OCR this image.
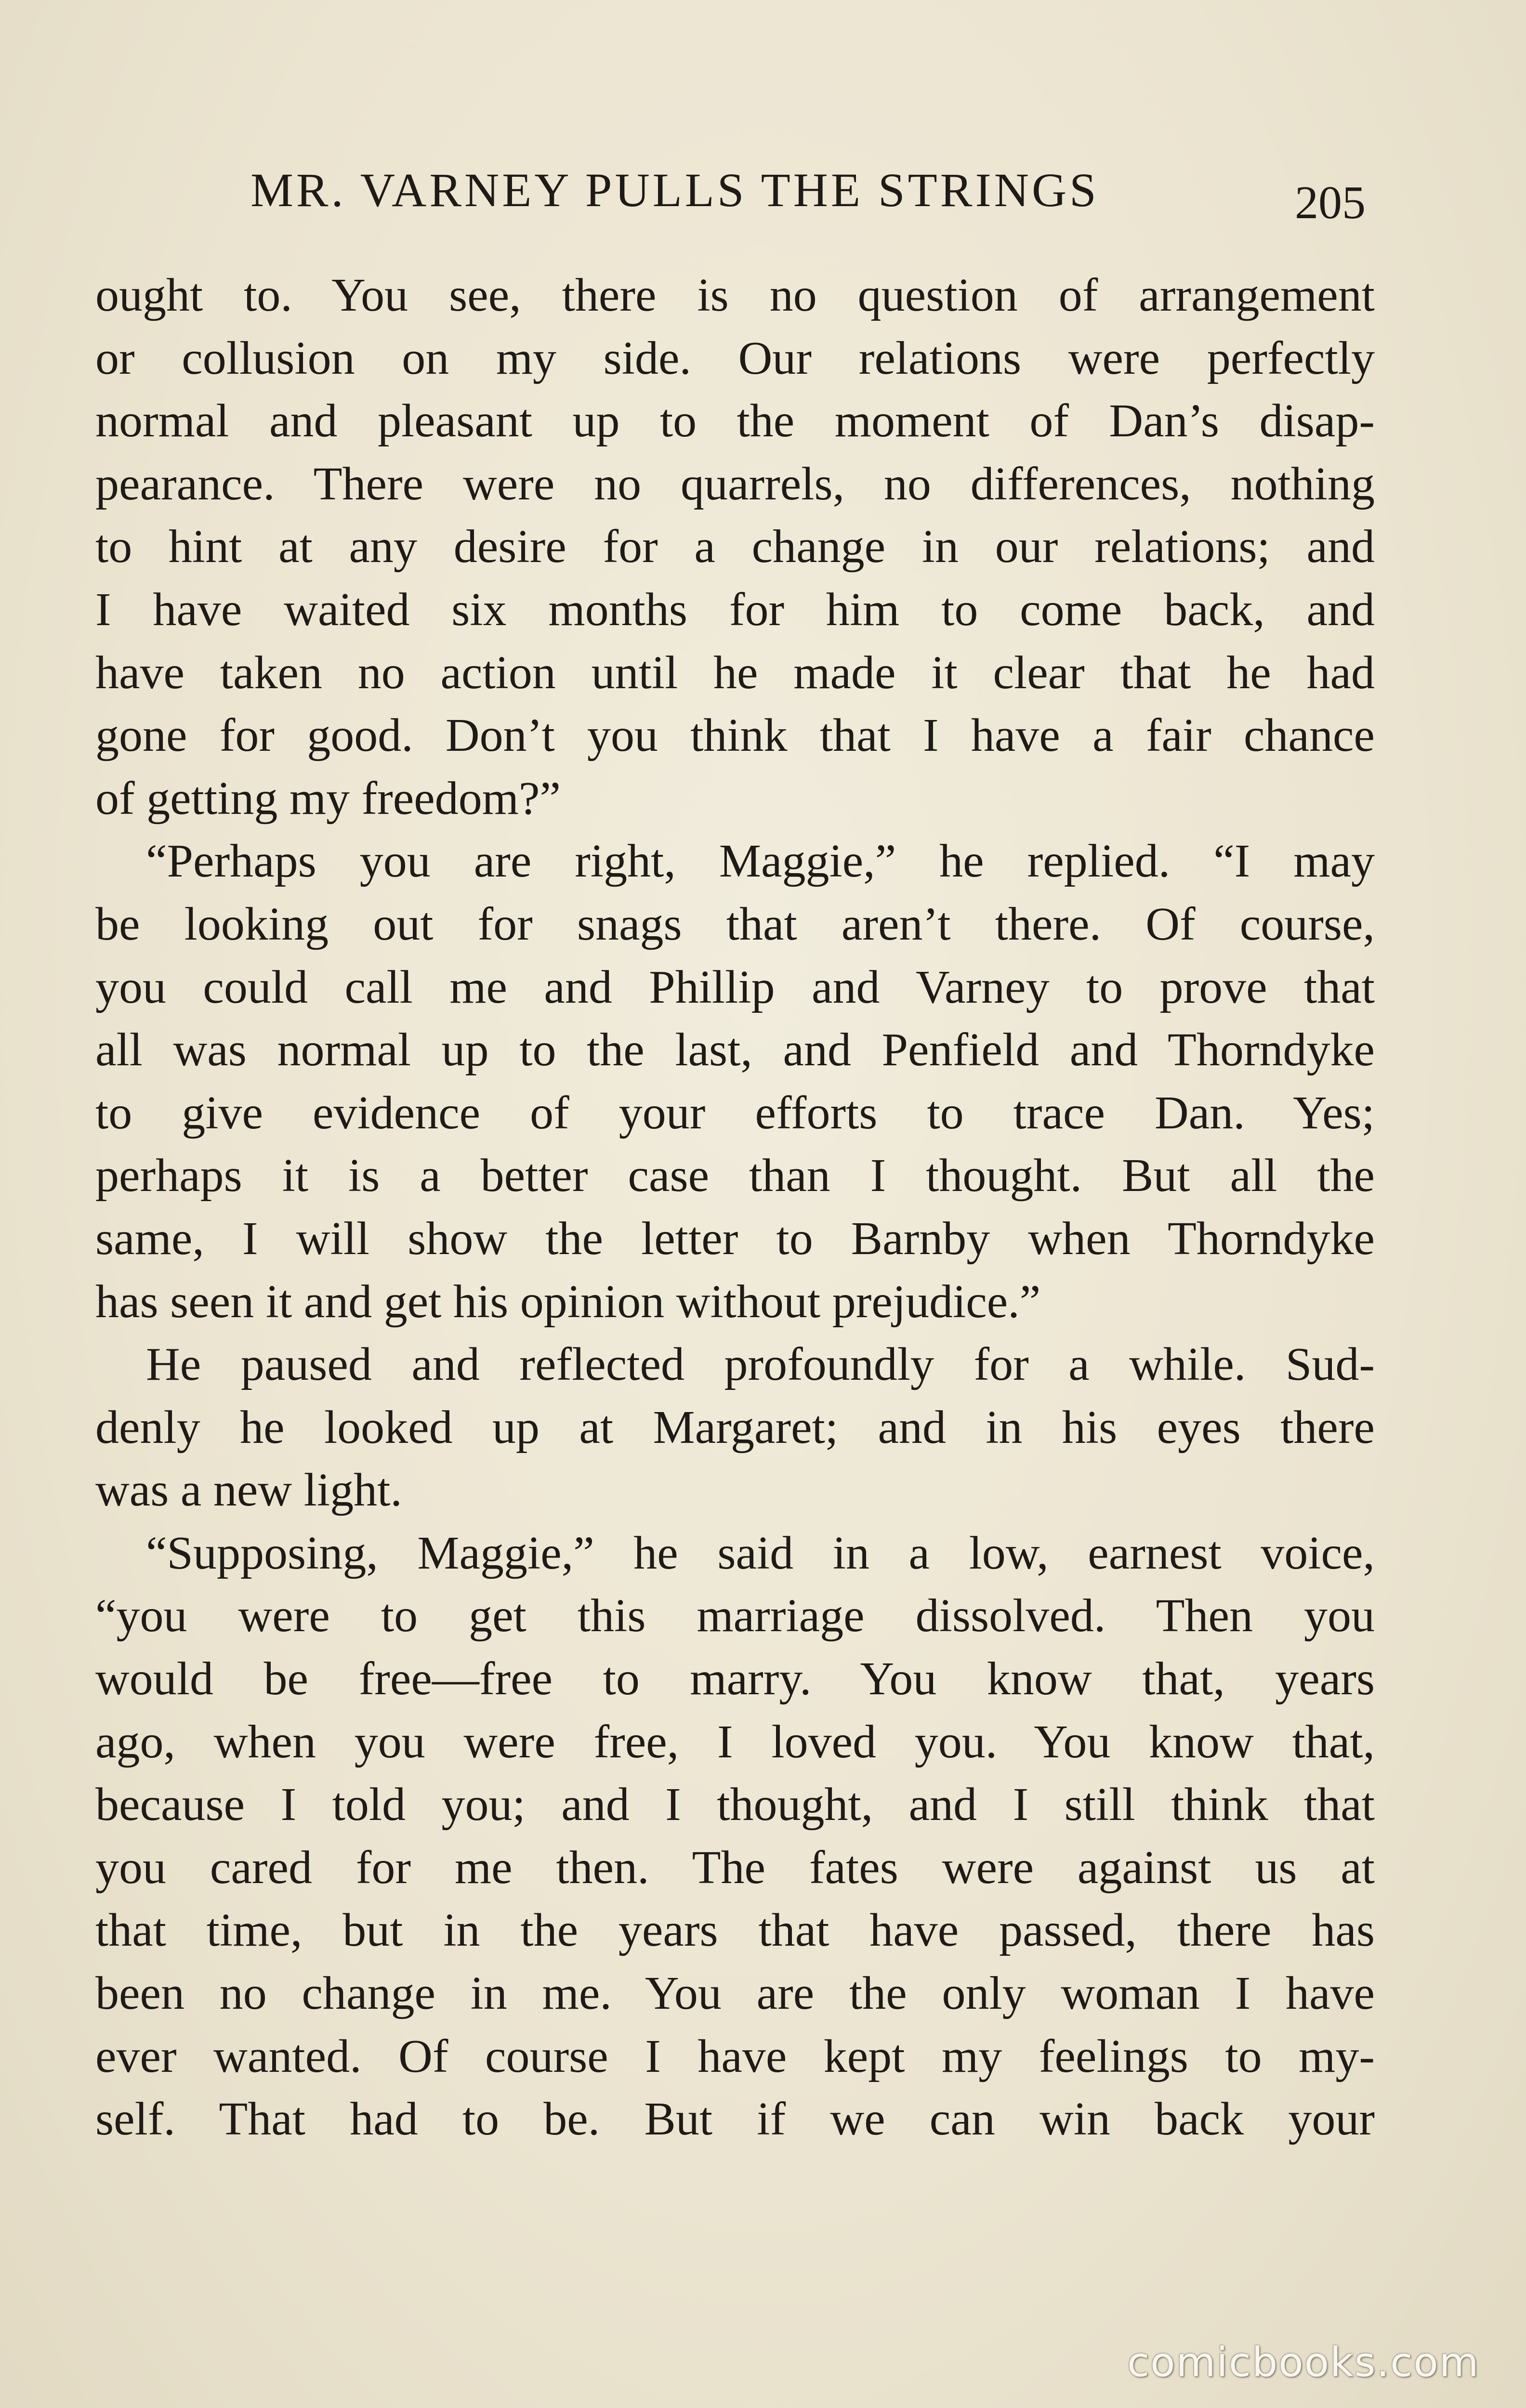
MR. VARNEY PULLS THE STRINGS	205
ought to. You see, there is no question of arrangement
or collusion on my side. Our relations were perfectly
normal and pleasant up to the moment of Dan’s disap-
pearance. There were no quarrels, no differences, nothing
to hint at any desire for a change in our relations; and
I have waited six months for him to come back, and
have taken no action until he made it clear that he had
gone for good. Don’t you think that I have a fair chance
of getting my freedom?”
“Perhaps you are right, Maggie,” he replied. “I may
be looking out for snags that aren’t there. Of course,
you could call me and Phillip and Varney to prove that
all was normal up to the last, and Penfield and Thorndyke
to give evidence of your efforts to trace Dan. Yes;
perhaps it is a better case than I thought. But all the
same, I will show the letter to Barnby when Thorndyke
has seen it and get his opinion without prejudice.”
He paused and reflected profoundly for a while. Sud-
denly he looked up at Margaret; and in his eyes there
was a new light.
“Supposing, Maggie,” he said in a low, earnest voice,
“you were to get this marriage dissolved. Then you
would be free—free to marry. You know that, years
ago, when you were free, I loved you. You know that,
because I told you; and I thought, and I still think that
you cared for me then. The fates were against us at
that time, but in the years that have passed, there has
been no change in me. You are the only woman I have
ever wanted. Of course I have kept my feelings to my-
self. That had to be. But if we can win back your
comicbooks.com
